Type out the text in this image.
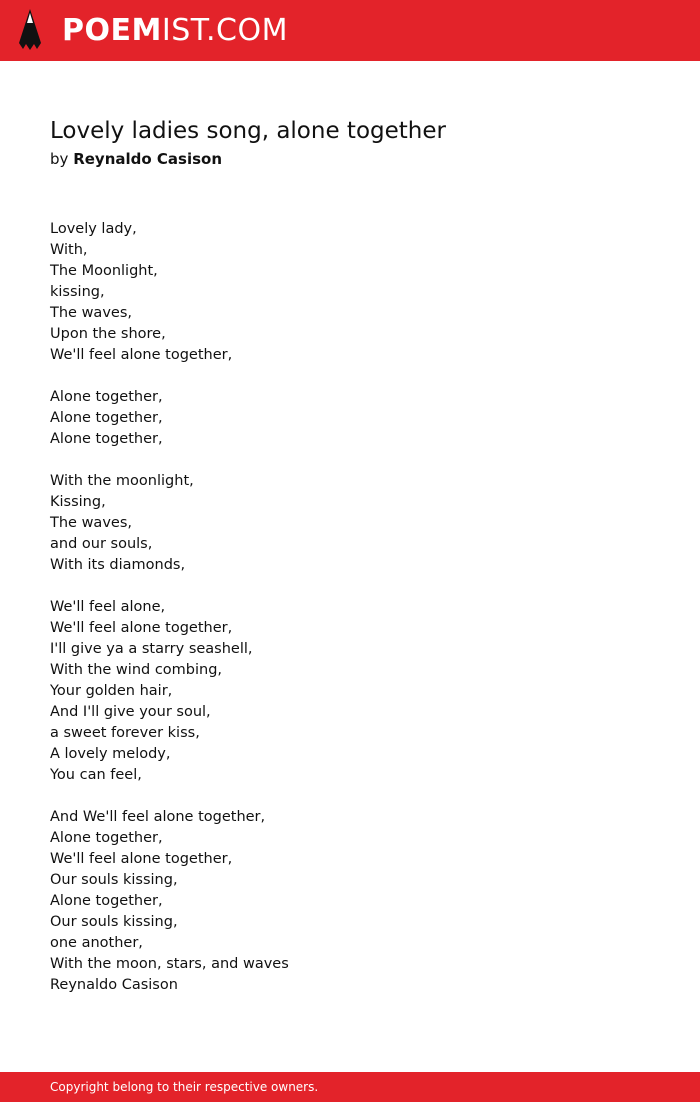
POEMIST.COM
Lovely ladies song, alone together
by Reynaldo Casison
Lovely lady,
With,
The Moonlight,
kissing,
The waves,
Upon the shore,
We'll feel alone together,
Alone together,
Alone together,
Alone together,
With the moonlight,
Kissing,
The waves,
and our souls,
With its diamonds,
We'll feel alone,
We'll feel alone together,
I'll give ya a starry seashell,
With the wind combing,
Your golden hair,
And I'll give your soul,
a sweet forever kiss,
A lovely melody,
You can feel,
And We'll feel alone together,
Alone together,
We'll feel alone together,
Our souls kissing,
Alone together,
Our souls kissing,
one another,
With the moon, stars, and waves
Reynaldo Casison
Copyright belong to their respective owners.
